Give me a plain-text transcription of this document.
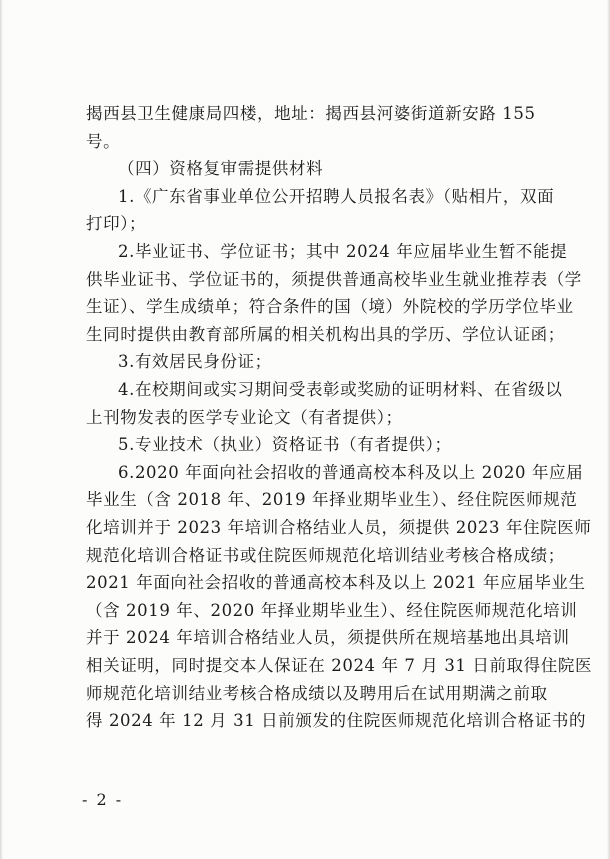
揭西县卫生健康局四楼，地址：揭西县河婆街道新安路 155
号。
（四）资格复审需提供材料
1.《广东省事业单位公开招聘人员报名表》（贴相片，双面
打印）；
2.毕业证书、学位证书；其中 2024 年应届毕业生暂不能提
供毕业证书、学位证书的，须提供普通高校毕业生就业推荐表（学
生证）、学生成绩单；符合条件的国（境）外院校的学历学位毕业
生同时提供由教育部所属的相关机构出具的学历、学位认证函；
3.有效居民身份证；
4.在校期间或实习期间受表彰或奖励的证明材料、在省级以
上刊物发表的医学专业论文（有者提供）；
5.专业技术（执业）资格证书（有者提供）；
6.2020 年面向社会招收的普通高校本科及以上 2020 年应届
毕业生（含 2018 年、2019 年择业期毕业生）、经住院医师规范
化培训并于 2023 年培训合格结业人员，须提供 2023 年住院医师
规范化培训合格证书或住院医师规范化培训结业考核合格成绩；
2021 年面向社会招收的普通高校本科及以上 2021 年应届毕业生
（含 2019 年、2020 年择业期毕业生）、经住院医师规范化培训
并于 2024 年培训合格结业人员，须提供所在规培基地出具培训
相关证明，同时提交本人保证在 2024 年 7 月 31 日前取得住院医
师规范化培训结业考核合格成绩以及聘用后在试用期满之前取
- 2 -
得 2024 年 12 月 31 日前颁发的住院医师规范化培训合格证书的
